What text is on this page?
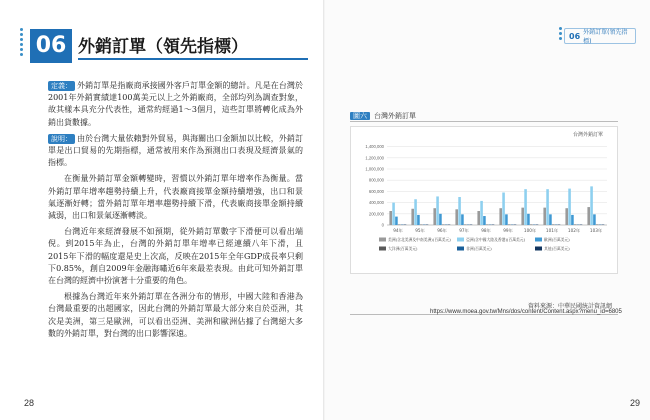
06 外銷訂單（領先指標）

定義： 外銷訂單是指廠商承接國外客戶訂單金額的總計。凡是在台灣於2001年外銷實績達100萬美元以上之外銷廠商，全部均列為調查對象，故其樣本具充分代表性，通常約經過1～3個月，這些訂單將轉化成為外銷出貨數據。

說明： 由於台灣大量依賴對外貿易，與海關出口金額加以比較，外銷訂單是出口貿易的先期指標，通常被用來作為預測出口表現及經濟景氣的指標。

在衡量外銷訂單金額轉變時，習慣以外銷訂單年增率作為衡量。當外銷訂單年增率趨勢持續上升，代表廠商接單金額持續增強，出口和景氣逐漸好轉；當外銷訂單年增率趨勢持續下滑，代表廠商接單金額持續減弱，出口和景氣逐漸轉淡。

台灣近年來經濟發展不如預期，從外銷訂單數字下滑便可以看出端倪。到2015年為止，台灣的外銷訂單年增率已經連續八年下滑，且2015年下滑的幅度還是史上次高，反映在2015年全年GDP成長率只剩下0.85%，創自2009年金融海嘯近6年來最差表現。由此可知外銷訂單在台灣的經濟中扮演著十分重要的角色。

根據為台灣近年來外銷訂單在各洲分布的情形，中國大陸和香港為台灣最重要的出超國家，因此台灣的外銷訂單最大部分來自於亞洲，其次是美洲，第三是歐洲，可以看出亞洲、美洲和歐洲佔據了台灣絕大多數的外銷訂單，對台灣的出口影響深遠。

28
06 外銷訂單(領先指標)
29
圖六 台灣外銷訂單
台灣外銷訂單
0
200,000
400,000
600,000
800,000
1,000,000
1,200,000
1,400,000
94年	95年	96年	97年	98年	99年	100年 101年 102年 103年
美洲(含北美洲及中南美洲)(百萬美元)	亞洲(含中國大陸及香港)(百萬美元)	歐洲(百萬美元)
大洋洲(百萬美元)	非洲(百萬美元)	其他(百萬美元)
資料來源：中華民國統計資訊網
https://www.moea.gov.tw/Mns/dos/content/Content.aspx?menu_id=6805
